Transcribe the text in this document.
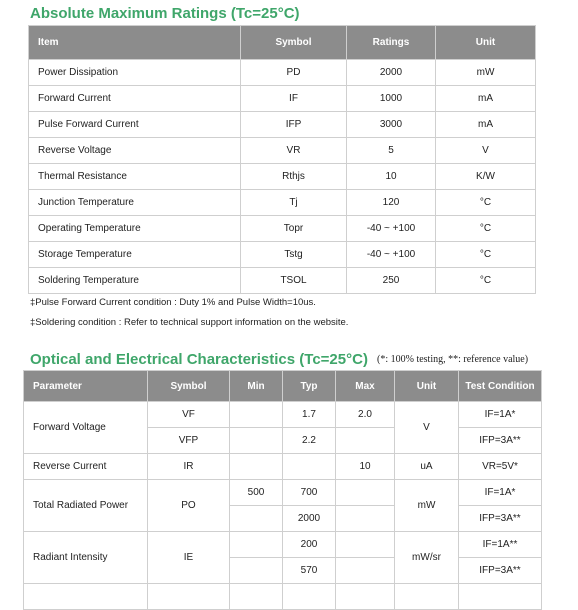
Absolute Maximum Ratings (Tc=25°C)
Item	Symbol	Ratings	Unit
Power Dissipation	PD	2000	mW
Forward Current	IF	1000	mA
Pulse Forward Current	IFP	3000	mA
Reverse Voltage	VR	5	V
Thermal Resistance	Rthjs	10	K/W
Junction Temperature	Tj	120	°C
Operating Temperature	Topr	-40 ~ +100	°C
Storage Temperature	Tstg	-40 ~ +100	°C
Soldering Temperature	TSOL	250	°C
‡Pulse Forward Current condition : Duty 1% and Pulse Width=10us.
‡Soldering condition : Refer to technical support information on the website.
Optical and Electrical Characteristics (Tc=25°C) (*: 100% testing, **: reference value)
Parameter	Symbol	Min	Typ	Max	Unit	Test Condition
Forward Voltage	VF		1.7	2.0	V	IF=1A*
	VFP		2.2			IFP=3A**
Reverse Current	IR			10	uA	VR=5V*
Total Radiated Power	PO	500	700		mW	IF=1A*
			2000			IFP=3A**
Radiant Intensity	IE		200		mW/sr	IF=1A**
			570			IFP=3A**
